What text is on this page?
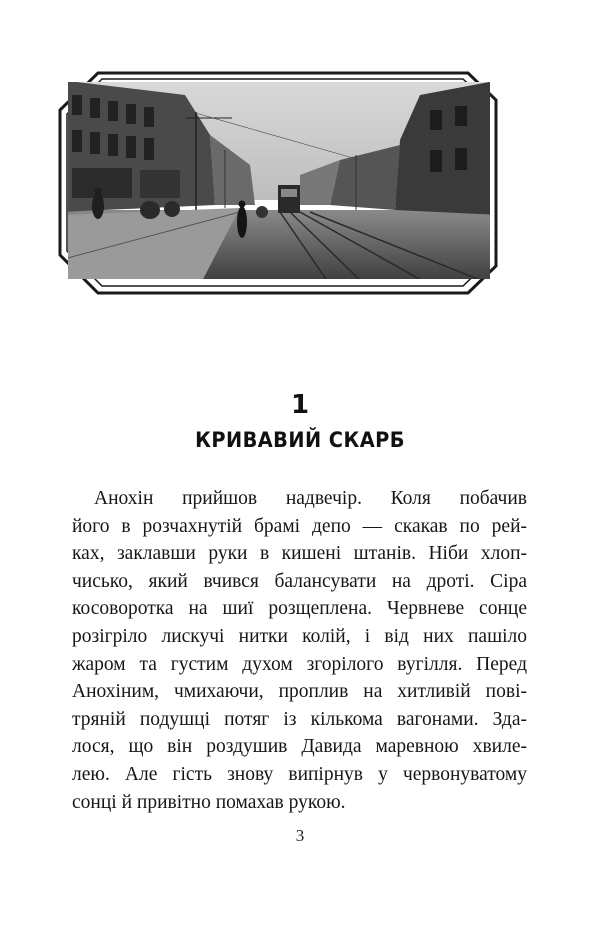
1
КРИВАВИЙ СКАРБ
Анохін прийшов надвечір. Коля побачив
його в розчахнутій брамі депо — скакав по рей-
ках, заклавши руки в кишені штанів. Ніби хлоп-
чисько, який вчився балансувати на дроті. Сіра
косоворотка на шиї розщеплена. Червневе сонце
розігріло лискучі нитки колій, і від них пашіло
жаром та густим духом згорілого вугілля. Перед
Анохіним, чмихаючи, проплив на хитливій пові-
тряній подушці потяг із кількома вагонами. Зда-
лося, що він роздушив Давида маревною хвиле-
лею. Але гість знову випірнув у червонуватому
сонці й привітно помахав рукою.
3
